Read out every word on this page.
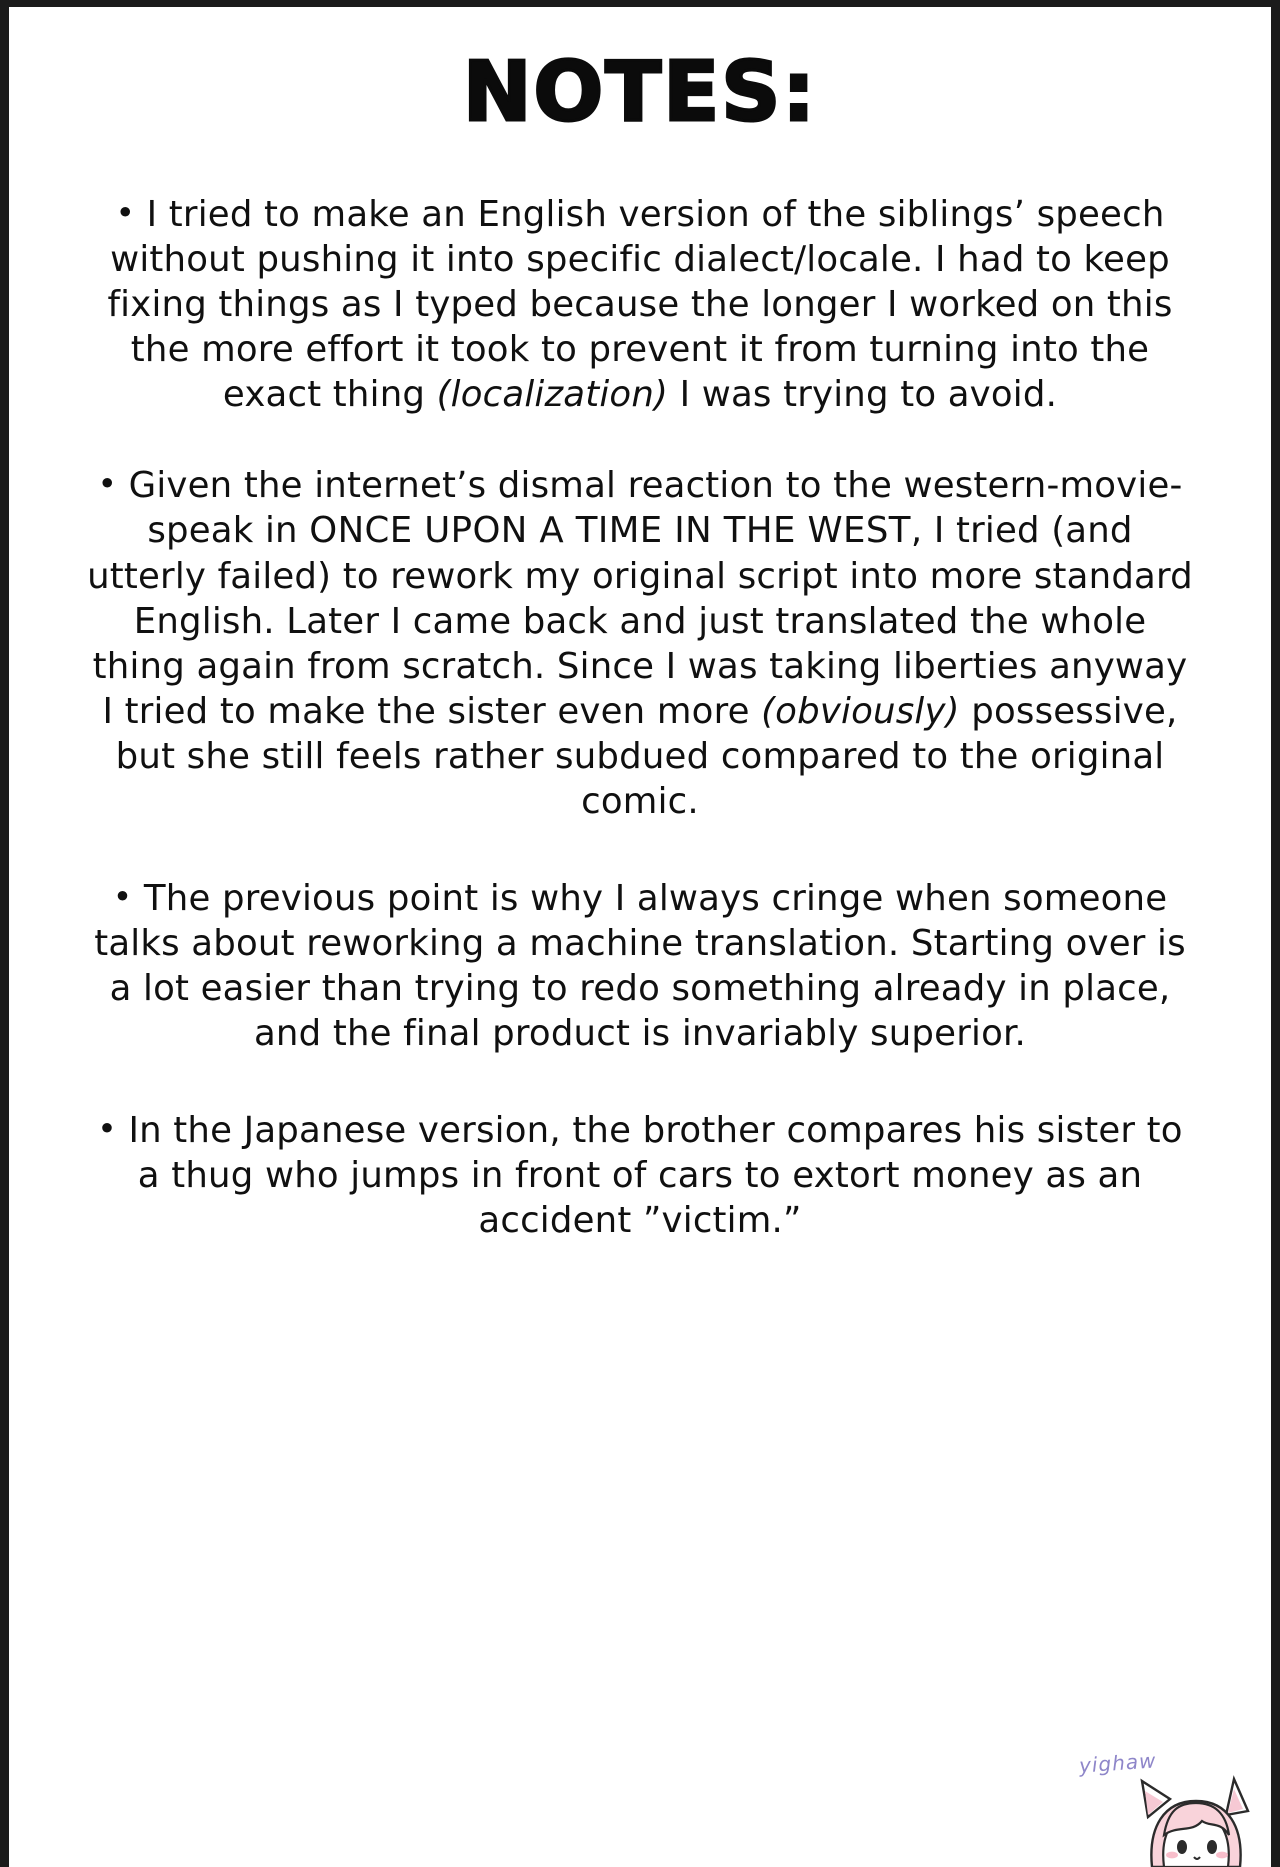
NOTES:

• I tried to make an English version of the siblings’ speech without pushing it into specific dialect/locale. I had to keep fixing things as I typed because the longer I worked on this the more effort it took to prevent it from turning into the exact thing (localization) I was trying to avoid.

• Given the internet’s dismal reaction to the western-movie-speak in ONCE UPON A TIME IN THE WEST, I tried (and utterly failed) to rework my original script into more standard English. Later I came back and just translated the whole thing again from scratch. Since I was taking liberties anyway I tried to make the sister even more (obviously) possessive, but she still feels rather subdued compared to the original comic.

• The previous point is why I always cringe when someone talks about reworking a machine translation. Starting over is a lot easier than trying to redo something already in place, and the final product is invariably superior.

• In the Japanese version, the brother compares his sister to a thug who jumps in front of cars to extort money as an accident ”victim.”

yighaw
